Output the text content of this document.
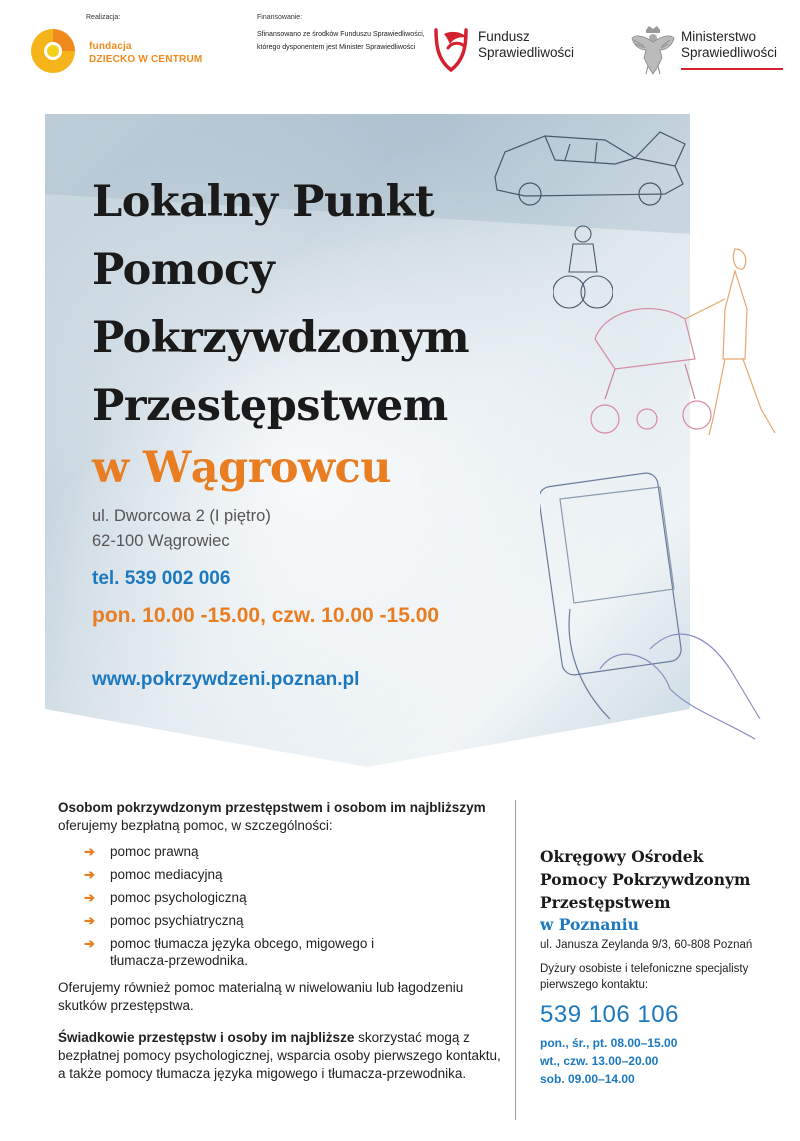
Realizacja:
fundacja
DZIECKO W CENTRUM
Finansowanie:
Sfinansowano ze środków Funduszu Sprawiedliwości, którego dysponentem jest Minister Sprawiedliwości
Fundusz
Sprawiedliwości
Ministerstwo
Sprawiedliwości
Lokalny Punkt
Pomocy
Pokrzywdzonym
Przestępstwem
w Wągrowcu
ul. Dworcowa 2 (I piętro)
62-100 Wągrowiec
tel. 539 002 006
pon. 10.00 -15.00, czw. 10.00 -15.00
www.pokrzywdzeni.poznan.pl

Osobom pokrzywdzonym przestępstwem i osobom im najbliższym oferujemy bezpłatną pomoc, w szczególności:

➔ pomoc prawną
➔ pomoc mediacyjną
➔ pomoc psychologiczną
➔ pomoc psychiatryczną
➔ pomoc tłumacza języka obcego, migowego i tłumacza-przewodnika.

Oferujemy również pomoc materialną w niwelowaniu lub łagodzeniu skutków przestępstwa.

Świadkowie przestępstw i osoby im najbliższe skorzystać mogą z bezpłatnej pomocy psychologicznej, wsparcia osoby pierwszego kontaktu, a także pomocy tłumacza języka migowego i tłumacza-przewodnika.

Okręgowy Ośrodek
Pomocy Pokrzywdzonym
Przestępstwem
w Poznaniu
ul. Janusza Zeylanda 9/3, 60-808 Poznań
Dyżury osobiste i telefoniczne specjalisty pierwszego kontaktu:
539 106 106
pon., śr., pt. 08.00–15.00
wt., czw. 13.00–20.00
sob. 09.00–14.00
